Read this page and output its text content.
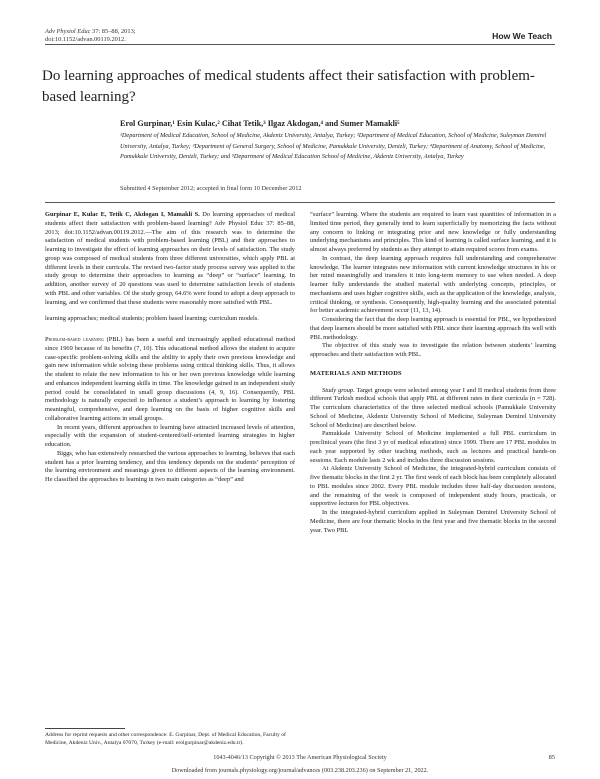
Adv Physiol Educ 37: 85–88, 2013;
doi:10.1152/advan.00119.2012.	How We Teach
Do learning approaches of medical students affect their satisfaction with problem-based learning?
Erol Gurpinar,¹ Esin Kulac,² Cihat Tetik,³ Ilgaz Akdogan,⁴ and Sumer Mamakli⁵
¹Department of Medical Education, School of Medicine, Akdeniz University, Antalya, Turkey; ²Department of Medical Education, School of Medicine, Suleyman Demirel University, Antalya, Turkey; ³Department of General Surgery, School of Medicine, Pamukkale University, Denizli, Turkey; ⁴Department of Anatomy, School of Medicine, Pamukkale University, Denizli, Turkey; and ⁵Department of Medical Education School of Medicine, Akdeniz University, Antalya, Turkey
Submitted 4 September 2012; accepted in final form 10 December 2012

Gurpinar E, Kulac E, Tetik C, Akdogan I, Mamakli S. Do learning approaches of medical students affect their satisfaction with problem-based learning? Adv Physiol Educ 37: 85–88, 2013; doi:10.1152/advan.00119.2012.—The aim of this research was to determine the satisfaction of medical students with problem-based learning (PBL) and their approaches to learning to investigate the effect of learning approaches on their levels of satisfaction. The study group was composed of medical students from three different universities, which apply PBL at different levels in their curricula. The revised two-factor study process survey was applied to the study group to determine their approaches to learning as “deep” or “surface” learning. In addition, another survey of 20 questions was used to determine satisfaction levels of students with PBL and other variables. Of the study group, 64.6% were found to adopt a deep approach to learning, and we confirmed that these students were reasonably more satisfied with PBL.

learning approaches; medical students; problem based learning; curriculum models.

Problem-based learning (PBL) has been a useful and increasingly applied educational method since 1969 because of its benefits (7, 10). This educational method allows the student to acquire case-specific problem-solving skills and the ability to apply their own previous knowledge and gain new information while solving these problems using critical thinking skills. Thus, it allows the student to relate the new information to his or her own previous knowledge while learning and enhances independent learning skills in time. The knowledge gained in an independent study period could be consolidated in small group discussions (4, 9, 16). Consequently, PBL methodology is naturally expected to influence a student’s approach to learning by fostering meaningful, comprehensive, and deep learning on the basis of higher cognitive skills and collaborative learning actions in small groups.

In recent years, different approaches to learning have attracted increased levels of attention, especially with the expansion of student-centered/self-oriented learning strategies in higher education.

Biggs, who has extensively researched the various approaches to learning, believes that each student has a prior learning tendency, and this tendency depends on the students’ perception of the learning environment and meanings given to different aspects of the learning environment. He classified the approaches to learning in two main categories as “deep” and

“surface” learning. Where the students are required to learn vast quantities of information in a limited time period, they generally tend to learn superficially by memorizing the facts without any concern to linking or integrating prior and new knowledge or fully understanding underlying mechanisms and principles. This kind of learning is called surface learning, and it is almost always preferred by students as they attempt to attain required scores from exams.

In contrast, the deep learning approach requires full understanding and comprehensive knowledge. The learner integrates new information with current knowledge structures in his or her mind meaningfully and transfers it into long-term memory to use when needed. A deep learner fully understands the studied material with underlying concepts, principles, or mechanisms and uses higher cognitive skills, such as the application of the knowledge, analysis, critical thinking, or synthesis. Consequently, high-quality learning and the associated potential for better academic achievement occur (11, 13, 14).

Considering the fact that the deep learning approach is essential for PBL, we hypothesized that deep learners should be more satisfied with PBL since their learning approach fits well with PBL methodology.

The objective of this study was to investigate the relation between students’ learning approaches and their satisfaction with PBL.

MATERIALS AND METHODS

Study group. Target groups were selected among year I and II medical students from three different Turkish medical schools that apply PBL at different rates in their curricula (n = 728). The curriculum characteristics of the three selected medical schools (Pamukkale University School of Medicine, Akdeniz University School of Medicine, Suleyman Demirel University School of Medicine) are described below.

Pamukkale University School of Medicine implemented a full PBL curriculum in preclinical years (the first 3 yr of medical education) since 1999. There are 17 PBL modules in each year supported by other teaching methods, such as lectures and practical hands-on sessions. Each module lasts 2 wk and includes three discussion sessions.

At Akdeniz University School of Medicine, the integrated-hybrid curriculum consists of five thematic blocks in the first 2 yr. The first week of each block has been completely allocated to PBL modules since 2002. Every PBL module includes three half-day discussion sessions, and the remaining of the week is composed of independent study hours, practicals, or supportive lectures for PBL objectives.

In the integrated-hybrid curriculum applied in Suleyman Demirel University School of Medicine, there are four thematic blocks in the first year and five thematic blocks in the second year. Two PBL

Address for reprint requests and other correspondence: E. Gurpinar, Dept. of Medical Education, Faculty of Medicine, Akdeniz Univ., Antalya 07070, Turkey (e-mail: erolgurpinar@akdeniz.edu.tr).
1043-4046/13 Copyright © 2013 The American Physiological Society	85
Downloaded from journals.physiology.org/journal/advances (003.238.203.236) on September 21, 2022.
